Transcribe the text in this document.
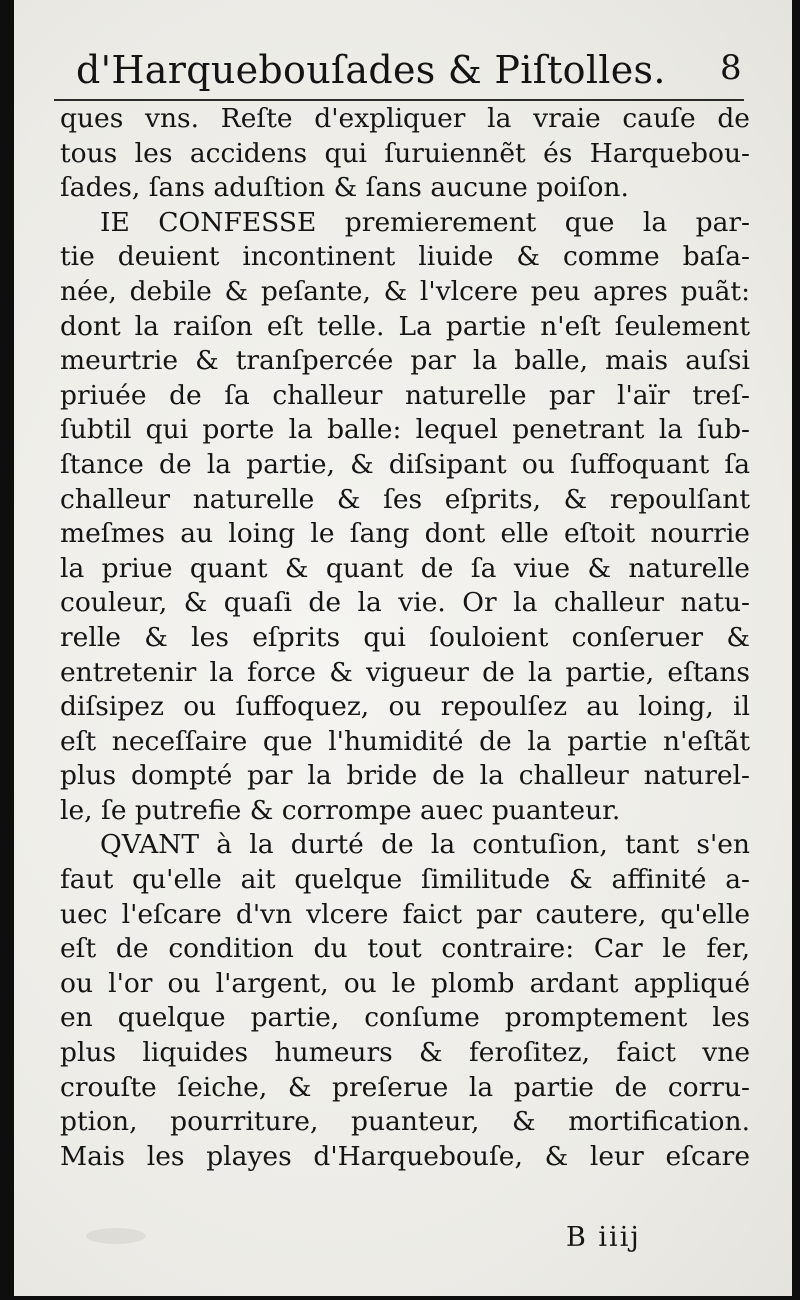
d'Harquebouſades & Piſtolles. 8
ques vns. Reſte d'expliquer la vraie cauſe de
tous les accidens qui ſuruiennẽt és Harquebou-
ſades, ſans aduſtion & ſans aucune poiſon.
IE CONFESSE premierement que la par-
tie deuient incontinent liuide & comme baſa-
née, debile & peſante, & l'vlcere peu apres puãt:
dont la raiſon eſt telle. La partie n'eſt ſeulement
meurtrie & tranſpercée par la balle, mais auſsi
priuée de ſa challeur naturelle par l'aïr treſ-
ſubtil qui porte la balle: lequel penetrant la ſub-
ſtance de la partie, & diſsipant ou ſuffoquant ſa
challeur naturelle & ſes eſprits, & repoulſant
meſmes au loing le ſang dont elle eſtoit nourrie
la priue quant & quant de ſa viue & naturelle
couleur, & quaſi de la vie. Or la challeur natu-
relle & les eſprits qui ſouloient conſeruer &
entretenir la force & vigueur de la partie, eſtans
diſsipez ou ſuffoquez, ou repoulſez au loing, il
eſt neceſſaire que l'humidité de la partie n'eſtãt
plus dompté par la bride de la challeur naturel-
le, ſe putrefie & corrompe auec puanteur.
QVANT à la durté de la contuſion, tant s'en
faut qu'elle ait quelque ſimilitude & affinité a-
uec l'eſcare d'vn vlcere faict par cautere, qu'elle
eſt de condition du tout contraire: Car le fer,
ou l'or ou l'argent, ou le plomb ardant appliqué
en quelque partie, conſume promptement les
plus liquides humeurs & feroſitez, faict vne
crouſte ſeiche, & preſerue la partie de corru-
ption, pourriture, puanteur, & mortification.
Mais les playes d'Harquebouſe, & leur eſcare
B iiij
